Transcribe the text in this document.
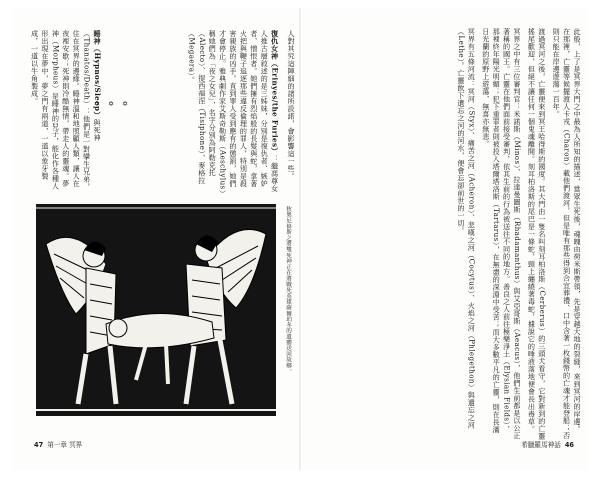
人對其究這陣細的諸所設諾，會影響這一些。

復仇女神（Erinyes/the Furies）：繼馮尊女人推古層敘述的是三姊妹，分別是復仇者、嫉妒者、憎恨者。她們擁有烈焰般的長髮與蛇，拿著火把與鞭子追逐那些違反倫理的罪人，特別是殺害親族的凶手。直到罪人受到應有的懲罰，她們才會停止。雅典劇作家艾斯奇勒斯（Aeschylus）稱她們為「夜之女兒」，名字分別為阿勒克托（Alecto）、提西福涅（Tisiphone）、麥格拉（Megaera）。

✡ ✡ ✡

睡神（Hypnos/Sleep）與死神（Thanatos/Death）：他們是一對攣生兄弟，住在冥界的邊緣。睡神溫和地照顧人類，讓人在夜裡安歇；死神則冷酷無情，帶走人的靈魂。夢神（Morpheus）是睡神的兒子，能化作各種人形出現在夢中，夢之門有兩道，一道以象牙製成，一道以牛角製成。

狄奧尼修斯之將雙死神正在將戰死英雄薩爾珀冬的遺體送回故鄉。
47 第一章 冥界

此般，上了是冥界大門之中最為人所知的描述，當眾生死後，魂魄由荷米斯帶領，先是穿越大地的裂縫，來到冥河的岸邊。在那裡，亡靈等候擺渡人卡戎（Charon）載他們渡河，但是唯有那些得到合宜葬禮、口中含著一枚錢幣的亡魂才能登船；否則只能在岸邊遊蕩一百年。

渡過冥河之後，亡靈便來到冥王哈得斯的國度。其大門由一隻名叫刻耳柏洛斯（Cerberus）的三頭犬看守，它對新到的亡靈搖尾歡迎，但絕不讓任何一個鬼魂離開。刻耳柏洛斯的尾巴是一條蛇，頸上纏繞著毒蛇，據說它的唾液落地便會長出毒草。

冥界之中有三位審判官：米諾斯（Minos）、拉達曼圖斯（Rhadamanthus）與艾亞哥斯（Aeacus），他們生前都是以公正著稱的國王。亡靈在他們面前接受審判，依其生前的行為被送往不同的地方。善良之人前往極樂淨土（Elysian Fields），那裡終年陽光明媚；犯下重罪者則被投入塔爾塔洛斯（Tartarus），在無盡的深淵中受苦；而大多數平凡的亡靈，則在長滿日光蘭的原野上遊蕩，無喜亦無悲。

冥界有五條河流：冥河（Styx）、痛苦之河（Acheron）、悲嘆之河（Cocytus）、火焰之河（Phlegethon）與遺忘之河（Lethe）。亡靈飲下遺忘之河的河水，便會忘卻前世的一切。

希臘羅馬神話 46
